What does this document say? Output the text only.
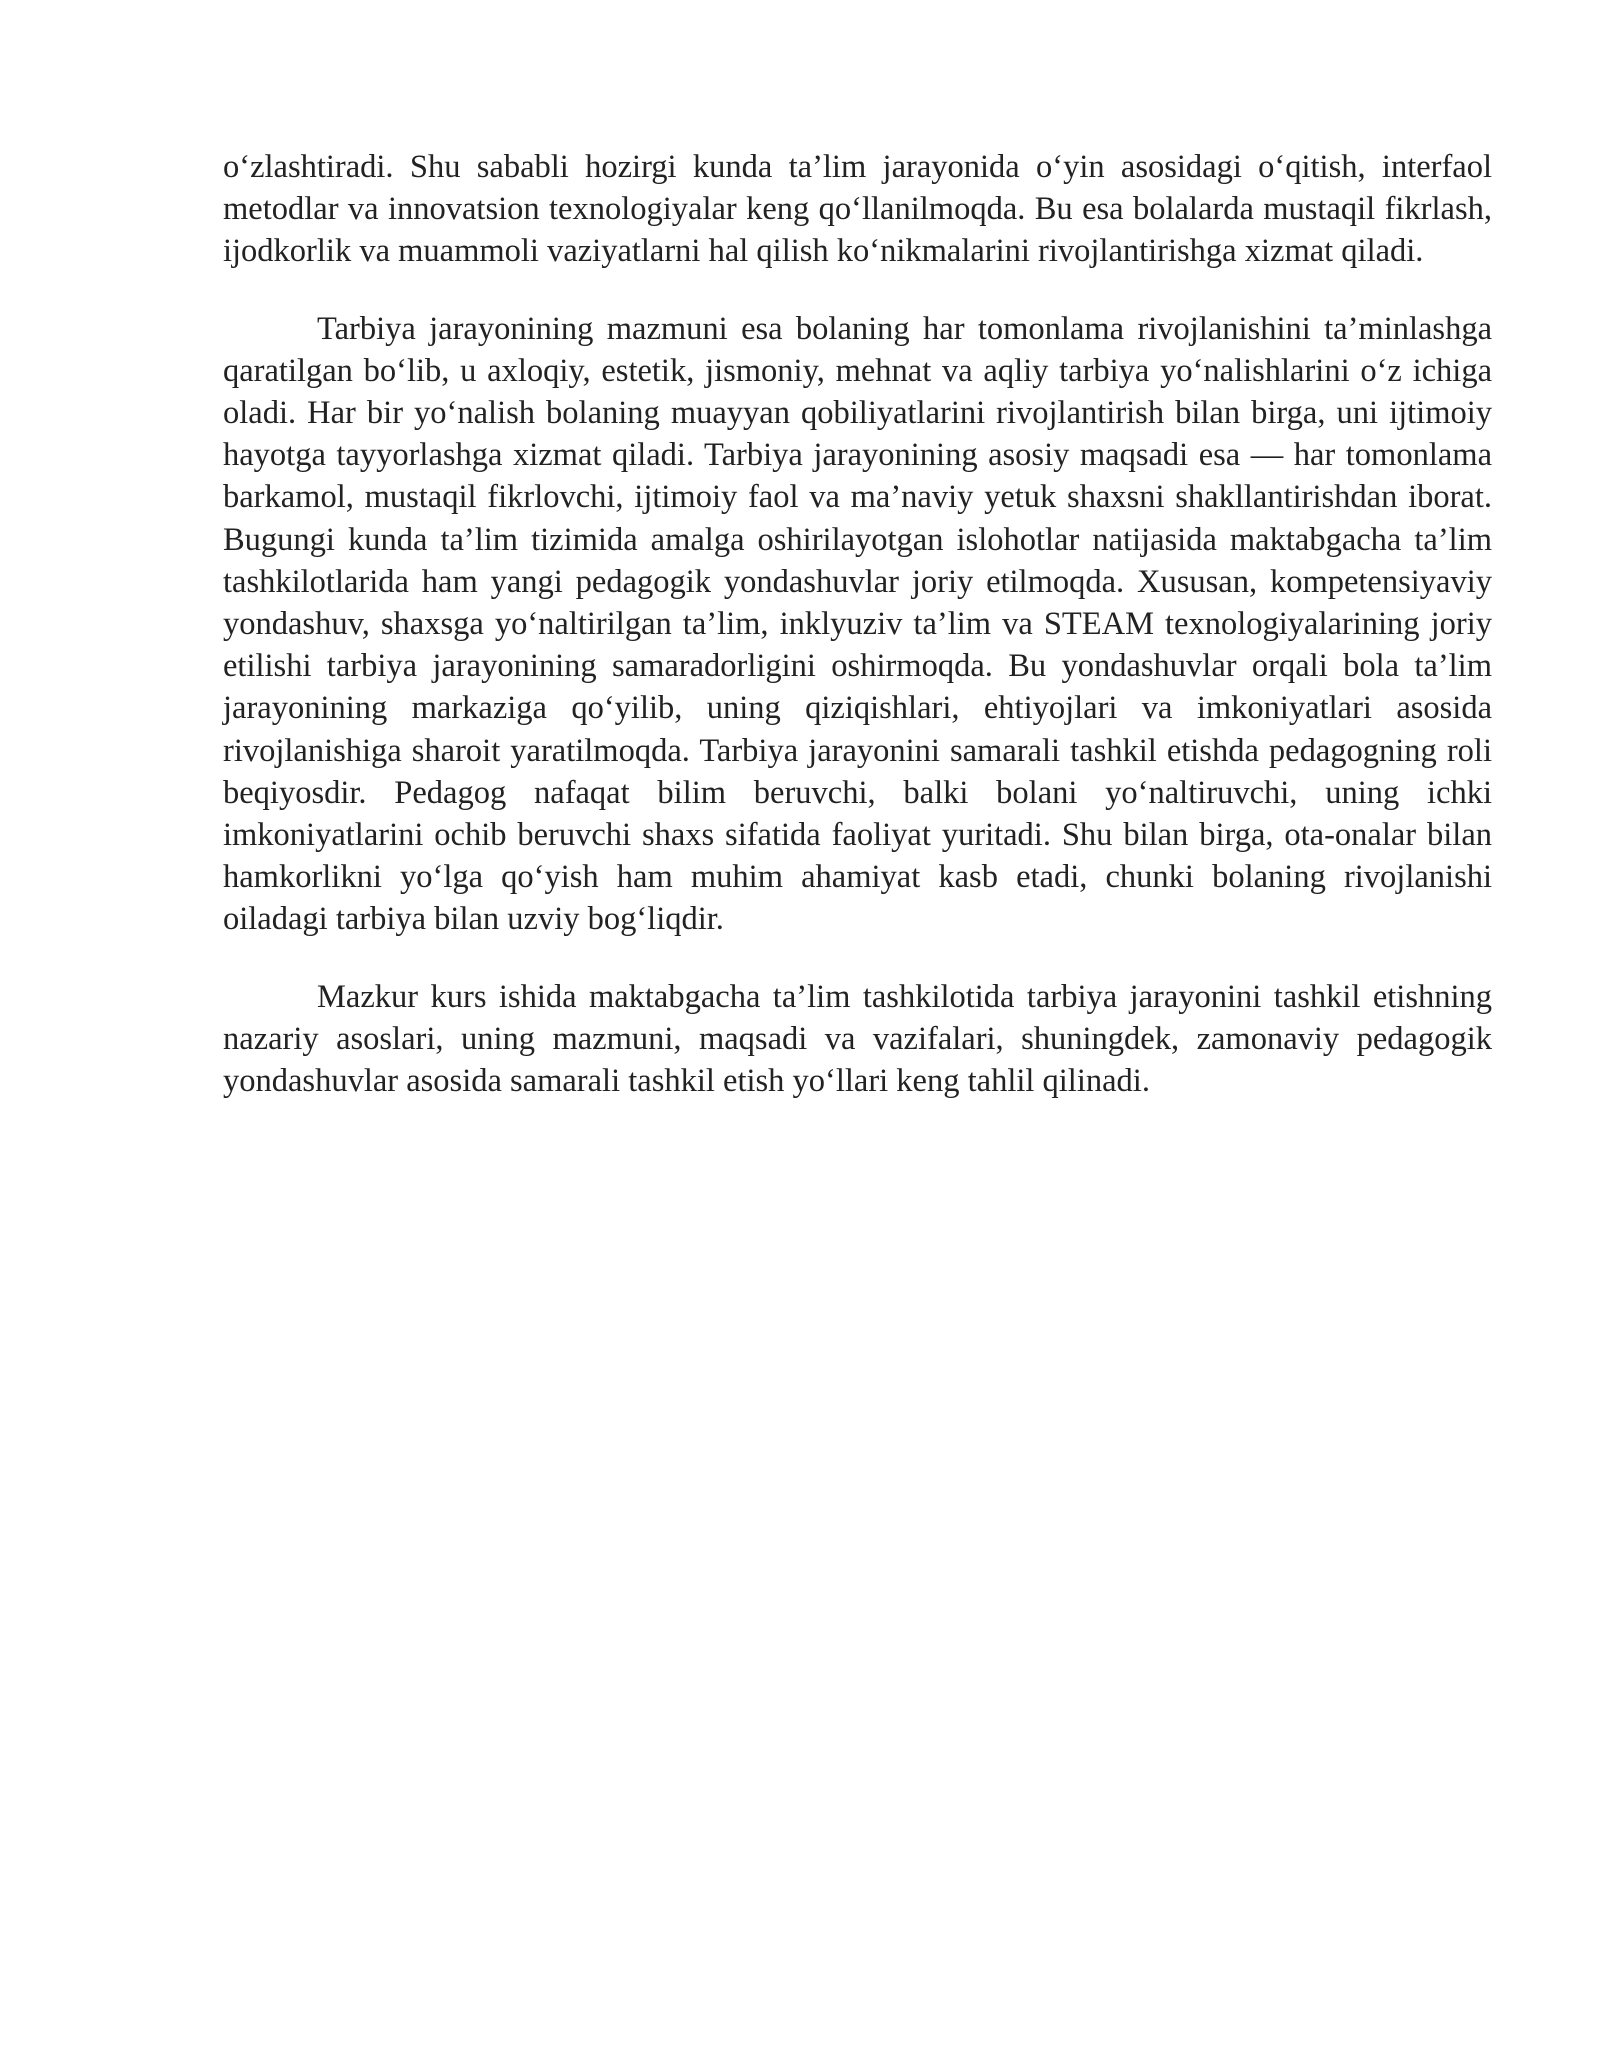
o‘zlashtiradi. Shu sababli hozirgi kunda ta’lim jarayonida o‘yin asosidagi o‘qitish, interfaol metodlar va innovatsion texnologiyalar keng qo‘llanilmoqda. Bu esa bolalarda mustaqil fikrlash, ijodkorlik va muammoli vaziyatlarni hal qilish ko‘nikmalarini rivojlantirishga xizmat qiladi.

Tarbiya jarayonining mazmuni esa bolaning har tomonlama rivojlanishini ta’minlashga qaratilgan bo‘lib, u axloqiy, estetik, jismoniy, mehnat va aqliy tarbiya yo‘nalishlarini o‘z ichiga oladi. Har bir yo‘nalish bolaning muayyan qobiliyatlarini rivojlantirish bilan birga, uni ijtimoiy hayotga tayyorlashga xizmat qiladi. Tarbiya jarayonining asosiy maqsadi esa — har tomonlama barkamol, mustaqil fikrlovchi, ijtimoiy faol va ma’naviy yetuk shaxsni shakllantirishdan iborat. Bugungi kunda ta’lim tizimida amalga oshirilayotgan islohotlar natijasida maktabgacha ta’lim tashkilotlarida ham yangi pedagogik yondashuvlar joriy etilmoqda. Xususan, kompetensiyaviy yondashuv, shaxsga yo‘naltirilgan ta’lim, inklyuziv ta’lim va STEAM texnologiyalarining joriy etilishi tarbiya jarayonining samaradorligini oshirmoqda. Bu yondashuvlar orqali bola ta’lim jarayonining markaziga qo‘yilib, uning qiziqishlari, ehtiyojlari va imkoniyatlari asosida rivojlanishiga sharoit yaratilmoqda. Tarbiya jarayonini samarali tashkil etishda pedagogning roli beqiyosdir. Pedagog nafaqat bilim beruvchi, balki bolani yo‘naltiruvchi, uning ichki imkoniyatlarini ochib beruvchi shaxs sifatida faoliyat yuritadi. Shu bilan birga, ota-onalar bilan hamkorlikni yo‘lga qo‘yish ham muhim ahamiyat kasb etadi, chunki bolaning rivojlanishi oiladagi tarbiya bilan uzviy bog‘liqdir.

Mazkur kurs ishida maktabgacha ta’lim tashkilotida tarbiya jarayonini tashkil etishning nazariy asoslari, uning mazmuni, maqsadi va vazifalari, shuningdek, zamonaviy pedagogik yondashuvlar asosida samarali tashkil etish yo‘llari keng tahlil qilinadi.
